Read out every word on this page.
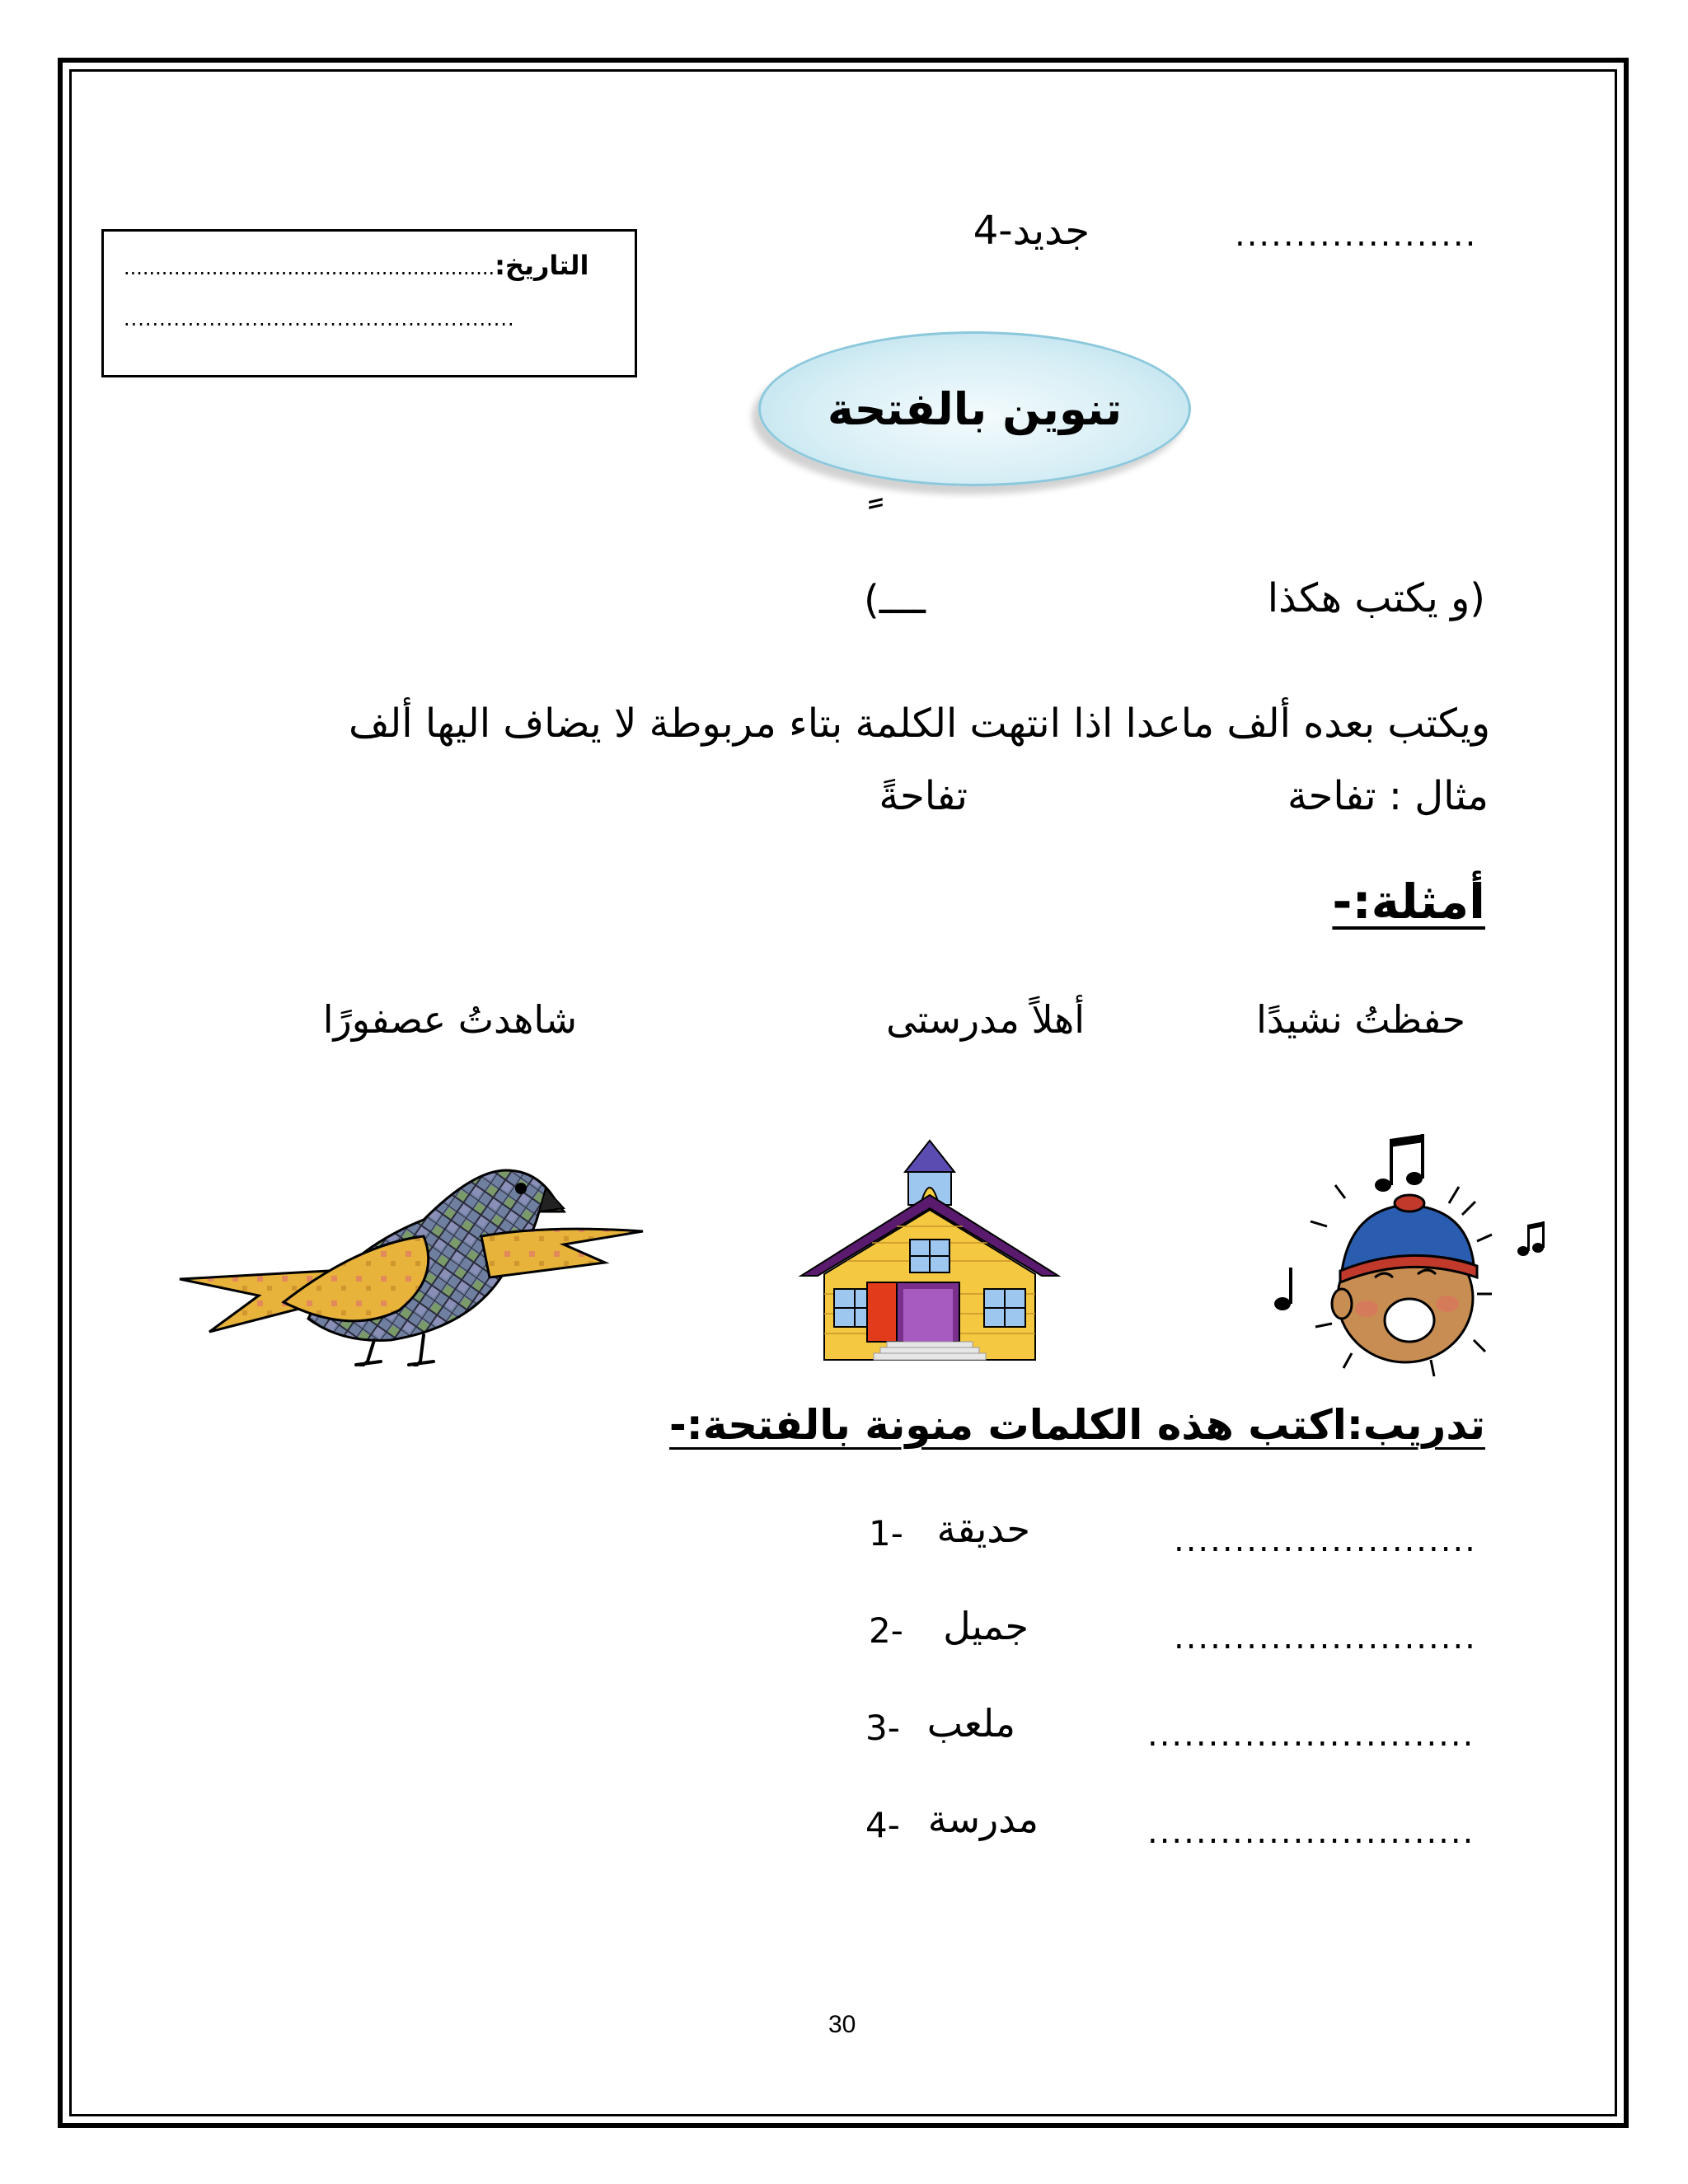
جديد-4	....................
التاريخ:...........................................................
.......................................................
تنوين بالفتحة
(و يكتب هكذا
ــــ)
ويكتب بعده ألف ماعدا اذا انتهت الكلمة بتاء مربوطة لا يضاف اليها ألف
مثال : تفاحة
تفاحةً
أمثلة:-
حفظتُ نشيدًا
أهلاً مدرستى
شاهدتُ عصفورًا
تدريب:اكتب هذه الكلمات منونة بالفتحة:-
.........................
حديقة
1-
.........................
جميل
2-
...........................
ملعب
3-
...........................
مدرسة
4-
30
